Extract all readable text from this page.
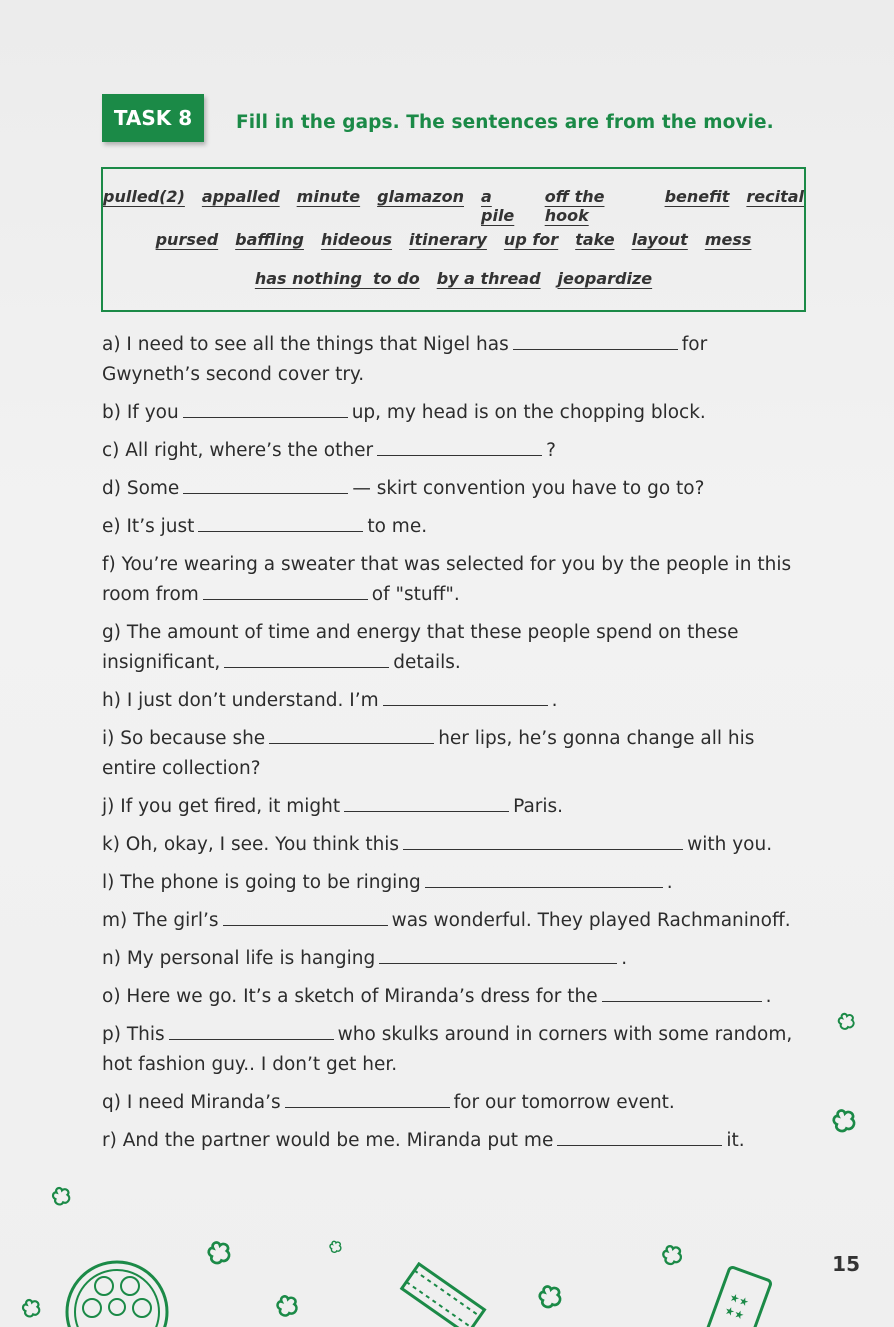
TASK 8	Fill in the gaps. The sentences are from the movie.
pulled(2) appalled minute glamazon a pile
off the hook
benefit recital
pursed baffling hideous itinerary up for take layout mess
has nothing  to do by a thread jeopardize

a) I need to see all the things that Nigel has	for Gwyneth’s second cover try.

b) If you	up, my head is on the chopping block.

c) All right, where’s the other	?

d) Some	— skirt convention you have to go to?

e) It’s just	to me.

f) You’re wearing a sweater that was selected for you by the people in this room from	of "stuff".

g) The amount of time and energy that these people spend on these insignificant,	details.

h) I just don’t understand. I’m	.

i) So because she	her lips, he’s gonna change all his entire collection?

j) If you get fired, it might	Paris.

k) Oh, okay, I see. You think this	with you.

l) The phone is going to be ringing	.

m) The girl’s	was wonderful. They played Rachmaninoff.

n) My personal life is hanging	.

o) Here we go. It’s a sketch of Miranda’s dress for the	.

p) This	who skulks around in corners with some random, hot fashion guy.. I don’t get her.

q) I need Miranda’s	for our tomorrow event.

r) And the partner would be me. Miranda put me	it.

15
★★
★★
